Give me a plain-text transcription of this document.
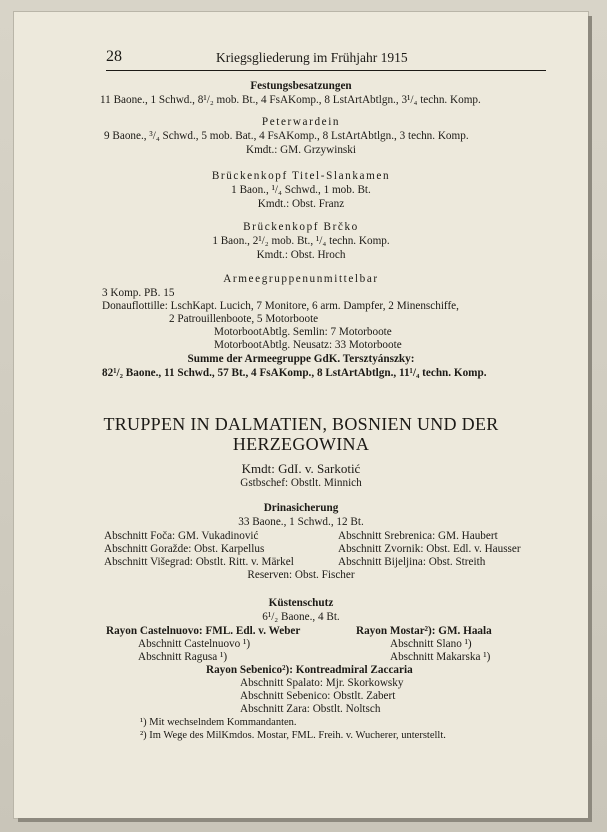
28	Kriegsgliederung im Frühjahr 1915
Festungsbesatzungen
11 Baone., 1 Schwd., 8¹/₂ mob. Bt., 4 FsAKomp., 8 LstArtAbtlgn., 3¹/₄ techn. Komp.
Peterwardein
9 Baone., ³/₄ Schwd., 5 mob. Bat., 4 FsAKomp., 8 LstArtAbtlgn., 3 techn. Komp.
Kmdt.: GM. Grzywinski
Brückenkopf Titel-Slankamen
1 Baon., ¹/₄ Schwd., 1 mob. Bt.
Kmdt.: Obst. Franz
Brückenkopf Brčko
1 Baon., 2¹/₂ mob. Bt., ¹/₄ techn. Komp.
Kmdt.: Obst. Hroch
Armeegruppenunmittelbar
3 Komp. PB. 15
Donauflottille: LschKapt. Lucich, 7 Monitore, 6 arm. Dampfer, 2 Minenschiffe,
2 Patrouillenboote, 5 Motorboote
MotorbootAbtlg. Semlin: 7 Motorboote
MotorbootAbtlg. Neusatz: 33 Motorboote
Summe der Armeegruppe GdK. Tersztyánszky:
82¹/₂ Baone., 11 Schwd., 57 Bt., 4 FsAKomp., 8 LstArtAbtlgn., 11¹/₄ techn. Komp.
TRUPPEN IN DALMATIEN, BOSNIEN UND DER
HERZEGOWINA
Kmdt: GdI. v. Sarkotić
Gstbschef: Obstlt. Minnich
Drinasicherung
33 Baone., 1 Schwd., 12 Bt.
Abschnitt Foča: GM. Vukadinović
Abschnitt Goražde: Obst. Karpellus
Abschnitt Višegrad: Obstlt. Ritt. v. Märkel
Abschnitt Srebrenica: GM. Haubert
Abschnitt Zvornik: Obst. Edl. v. Hausser
Abschnitt Bijeljina: Obst. Streith
Reserven: Obst. Fischer
Küstenschutz
6¹/₂ Baone., 4 Bt.
Rayon Castelnuovo: FML. Edl. v. Weber
Abschnitt Castelnuovo ¹)
Abschnitt Ragusa ¹)
Rayon Mostar²): GM. Haala
Abschnitt Slano ¹)
Abschnitt Makarska ¹)
Rayon Sebenico²): Kontreadmiral Zaccaria
Abschnitt Spalato: Mjr. Skorkowsky
Abschnitt Sebenico: Obstlt. Zabert
Abschnitt Zara: Obstlt. Noltsch
¹) Mit wechselndem Kommandanten.
²) Im Wege des MilKmdos. Mostar, FML. Freih. v. Wucherer, unterstellt.
